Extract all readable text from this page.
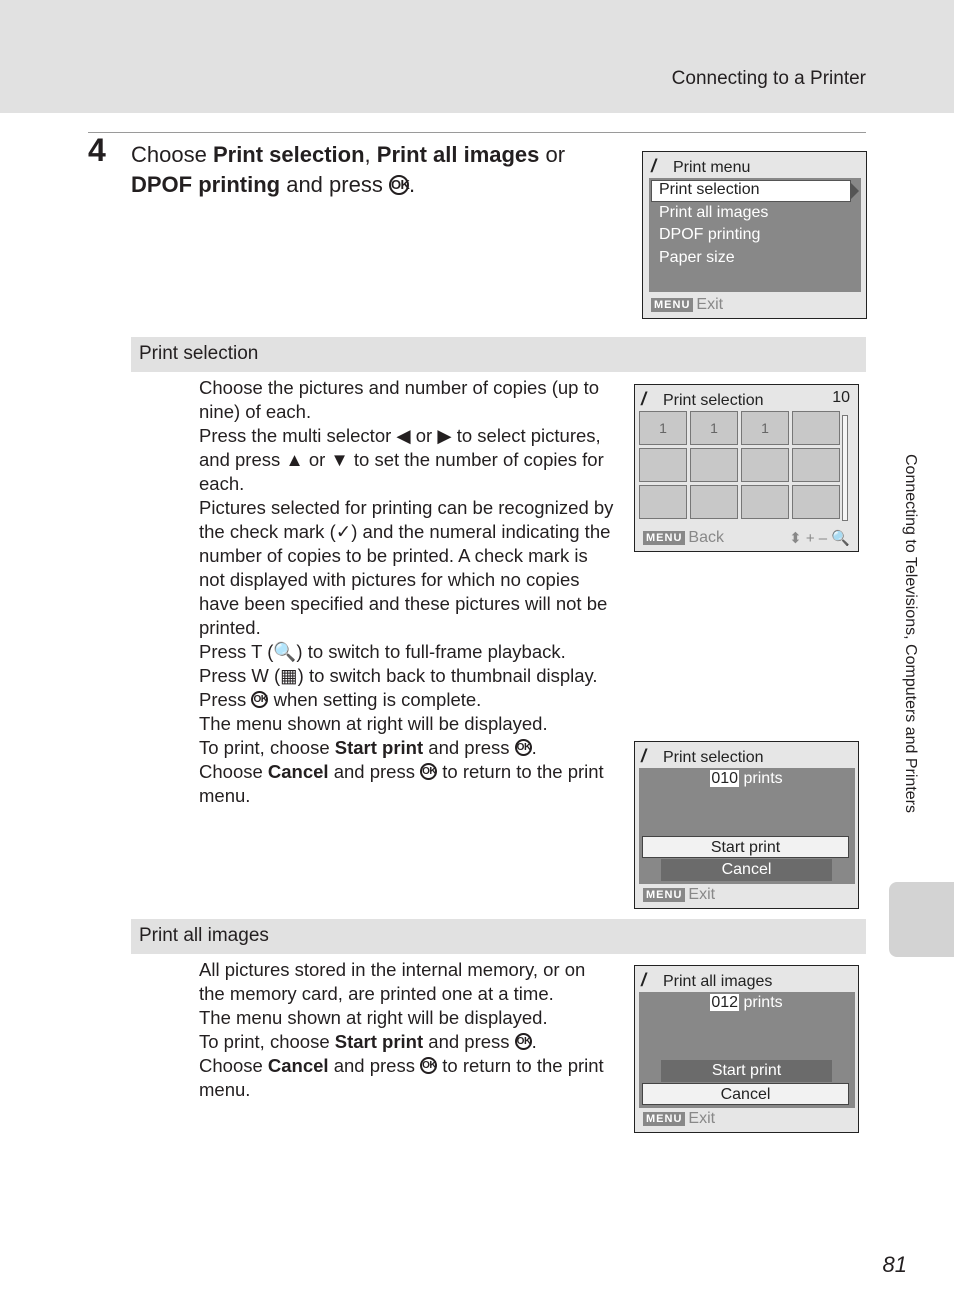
Connecting to a Printer
Connecting to Televisions, Computers and Printers
4 Choose Print selection, Print all images or DPOF printing and press OK.
/ Print menu
Print selection
Print all images
DPOF printing
Paper size
MENU Exit
Print selection

Choose the pictures and number of copies (up to nine) of each.

Press the multi selector ◀ or ▶ to select pictures, and press ▲ or ▼ to set the number of copies for each.

Pictures selected for printing can be recognized by the check mark (✓) and the numeral indicating the number of copies to be printed. A check mark is not displayed with pictures for which no copies have been specified and these pictures will not be printed.

Press T (🔍) to switch to full-frame playback. Press W (▦) to switch back to thumbnail display.

Press OK when setting is complete.

The menu shown at right will be displayed.

To print, choose Start print and press OK.

Choose Cancel and press OK to return to the print menu.

/ Print selection	10
1	1	1
MENU Back	⬍ + – 🔍
/ Print selection
010 prints
Start print
Cancel
MENU Exit
Print all images

All pictures stored in the internal memory, or on the memory card, are printed one at a time.

The menu shown at right will be displayed.

To print, choose Start print and press OK.

Choose Cancel and press OK to return to the print menu.

/ Print all images
012 prints
Start print
Cancel
MENU Exit
81
